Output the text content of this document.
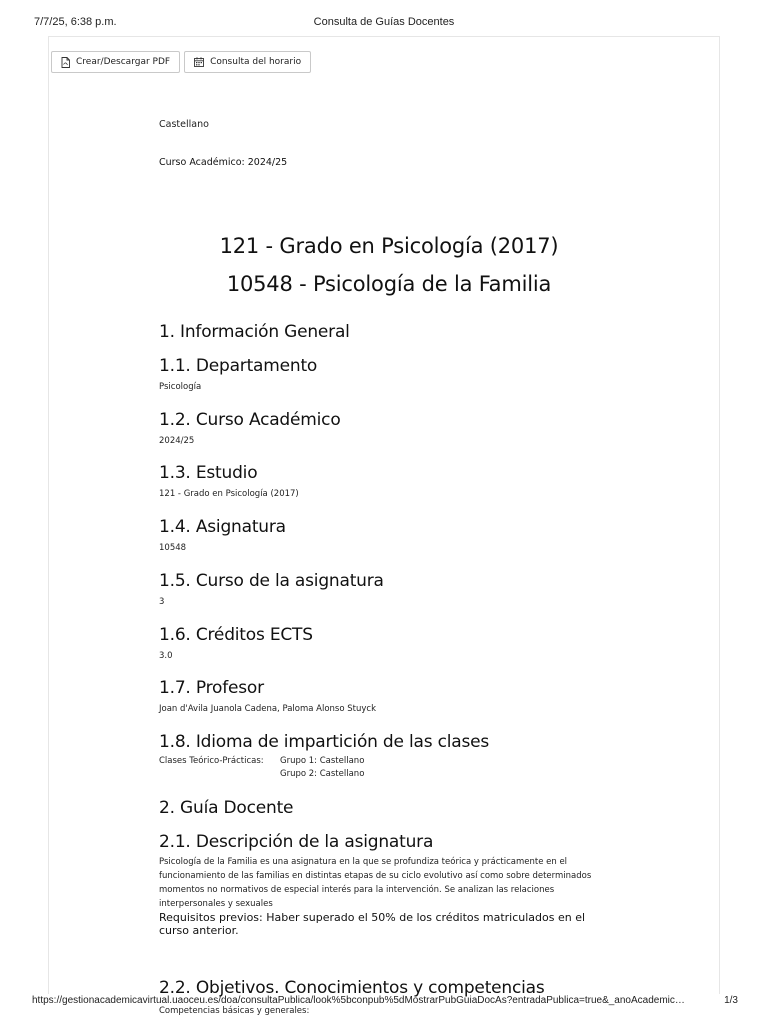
7/7/25, 6:38 p.m.	Consulta de Guías Docentes
Crear/Descargar PDF	Consulta del horario

Castellano

Curso Académico: 2024/25

121 - Grado en Psicología (2017)
10548 - Psicología de la Familia
1. Información General
1.1. Departamento

Psicología

1.2. Curso Académico

2024/25

1.3. Estudio

121 - Grado en Psicología (2017)

1.4. Asignatura

10548

1.5. Curso de la asignatura

3

1.6. Créditos ECTS

3.0

1.7. Profesor

Joan d'Avila Juanola Cadena, Paloma Alonso Stuyck

1.8. Idioma de impartición de las clases
Clases Teórico-Prácticas:	Grupo 1: Castellano
Grupo 2: Castellano
2. Guía Docente
2.1. Descripción de la asignatura

Psicología de la Familia es una asignatura en la que se profundiza teórica y prácticamente en el funcionamiento de las familias en distintas etapas de su ciclo evolutivo así como sobre determinados momentos no normativos de especial interés para la intervención. Se analizan las relaciones interpersonales y sexuales

Requisitos previos: Haber superado el 50% de los créditos matriculados en el curso anterior.

2.2. Objetivos. Conocimientos y competencias

Competencias básicas y generales:

https://gestionacademicavirtual.uaoceu.es/doa/consultaPublica/look%5bconpub%5dMostrarPubGuiaDocAs?entradaPublica=true&_anoAcademic…	1/3
